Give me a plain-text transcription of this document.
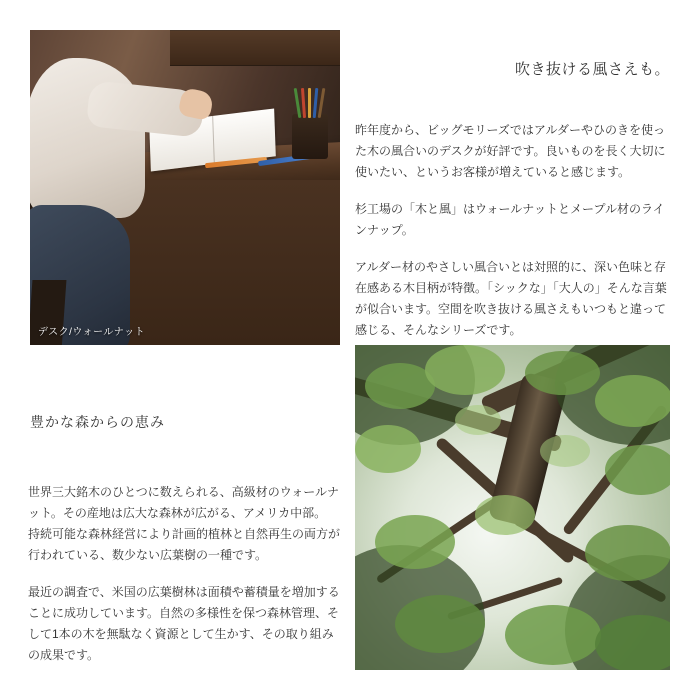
デスク/ウォールナット
吹き抜ける風さえも。

昨年度から、ビッグモリーズではアルダーやひのきを使った木の風合いのデスクが好評です。良いものを長く大切に使いたい、というお客様が増えていると感じます。

杉工場の「木と風」はウォールナットとメープル材のラインナップ。

アルダー材のやさしい風合いとは対照的に、深い色味と存在感ある木目柄が特徴。「シックな」「大人の」そんな言葉が似合います。空間を吹き抜ける風さえもいつもと違って感じる、そんなシリーズです。

豊かな森からの恵み

世界三大銘木のひとつに数えられる、高級材のウォールナット。その産地は広大な森林が広がる、アメリカ中部。 持続可能な森林経営により計画的植林と自然再生の両方が行われている、数少ない広葉樹の一種です。

最近の調査で、米国の広葉樹林は面積や蓄積量を増加することに成功しています。自然の多様性を保つ森林管理、そして1本の木を無駄なく資源として生かす、その取り組みの成果です。
